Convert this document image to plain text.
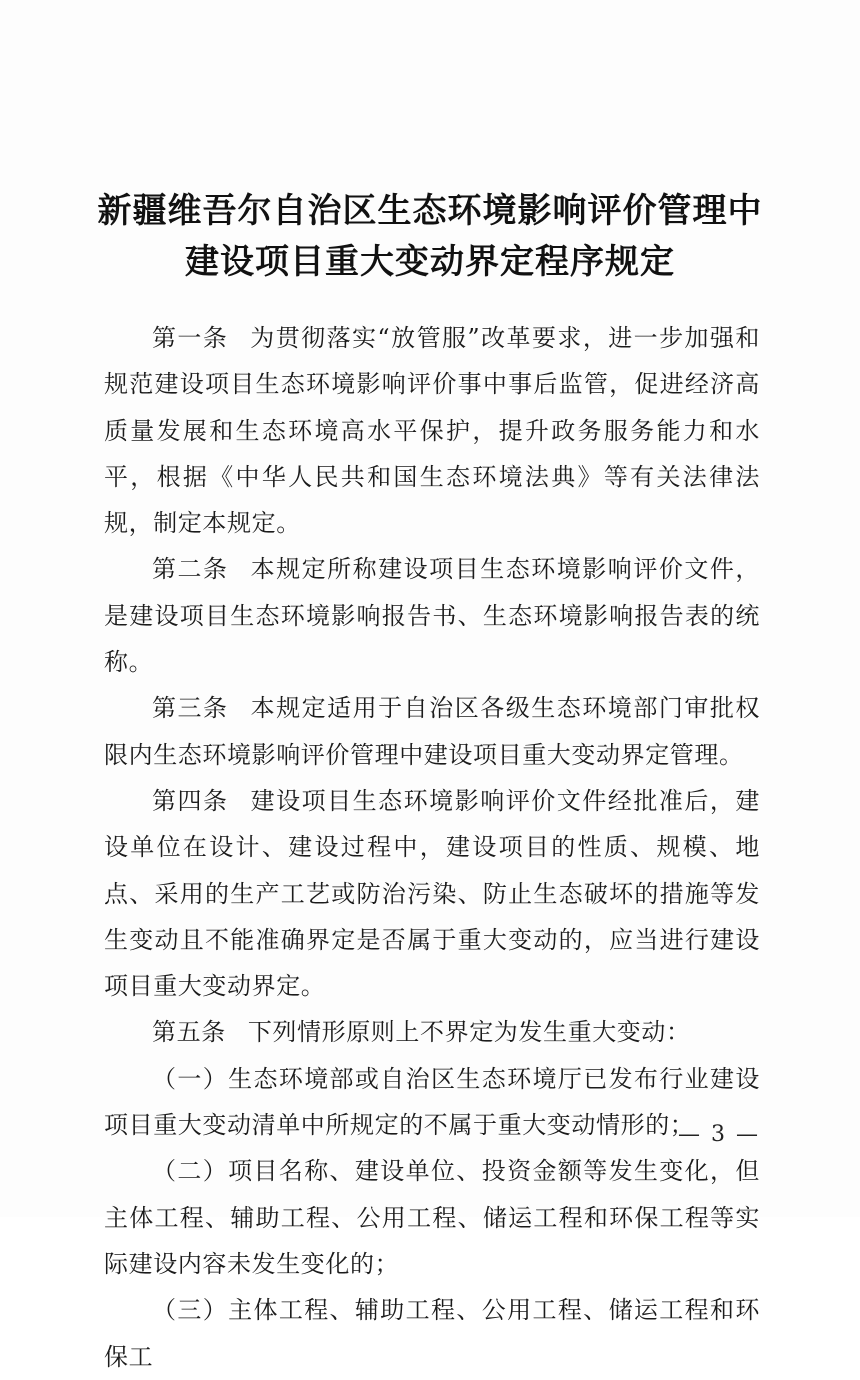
新疆维吾尔自治区生态环境影响评价管理中
建设项目重大变动界定程序规定

第一条 为贯彻落实“放管服”改革要求，进一步加强和规范建设项目生态环境影响评价事中事后监管，促进经济高质量发展和生态环境高水平保护，提升政务服务能力和水平，根据《中华人民共和国生态环境法典》等有关法律法规，制定本规定。

第二条 本规定所称建设项目生态环境影响评价文件，是建设项目生态环境影响报告书、生态环境影响报告表的统称。

第三条 本规定适用于自治区各级生态环境部门审批权限内生态环境影响评价管理中建设项目重大变动界定管理。

第四条 建设项目生态环境影响评价文件经批准后，建设单位在设计、建设过程中，建设项目的性质、规模、地点、采用的生产工艺或防治污染、防止生态破坏的措施等发生变动且不能准确界定是否属于重大变动的，应当进行建设项目重大变动界定。

第五条 下列情形原则上不界定为发生重大变动：

（一）生态环境部或自治区生态环境厅已发布行业建设项目重大变动清单中所规定的不属于重大变动情形的；

（二）项目名称、建设单位、投资金额等发生变化，但主体工程、辅助工程、公用工程、储运工程和环保工程等实际建设内容未发生变化的；

（三）主体工程、辅助工程、公用工程、储运工程和环保工

— 3 —
